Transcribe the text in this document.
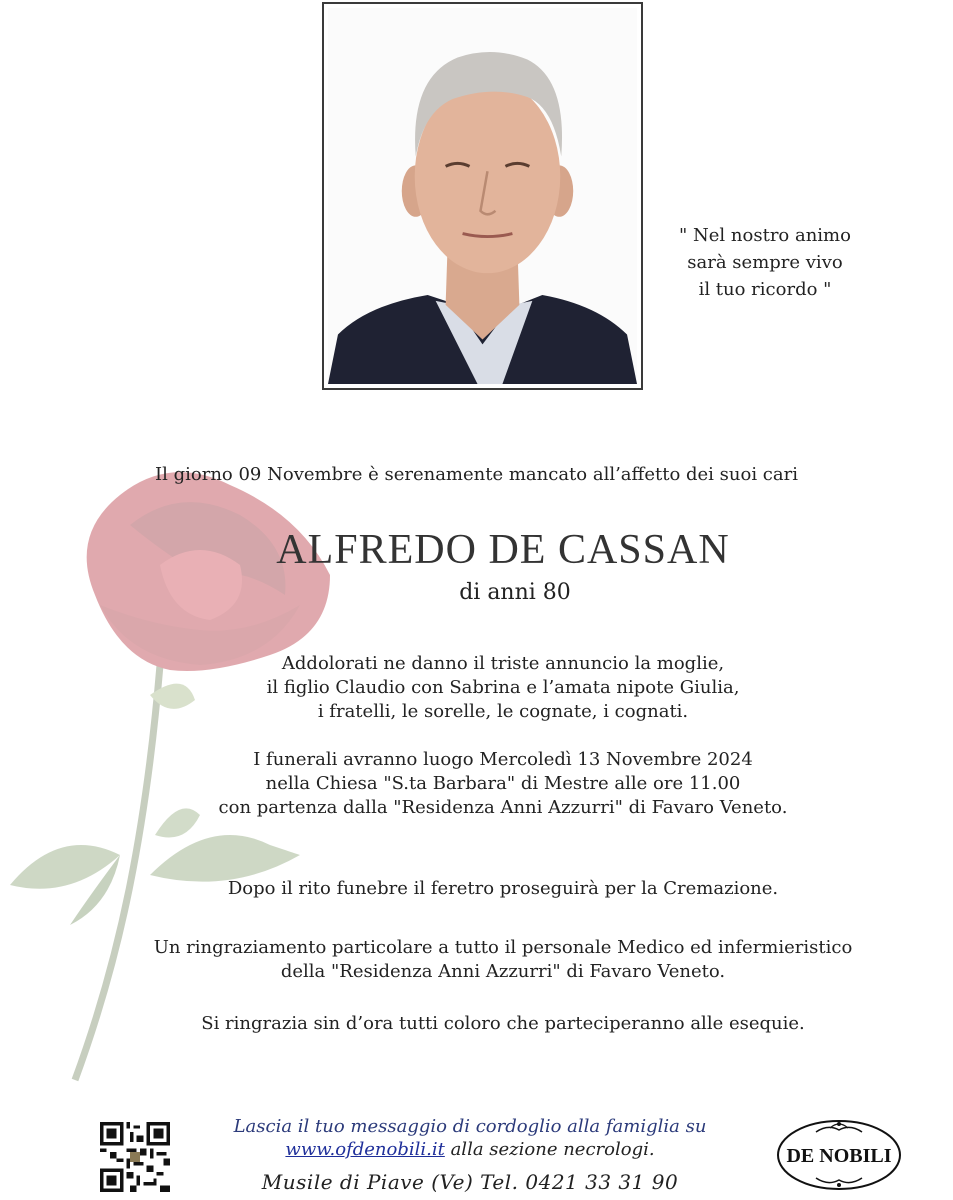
" Nel nostro animo
sarà sempre vivo
il tuo ricordo "
Il giorno 09 Novembre è serenamente mancato all’affetto dei suoi cari
ALFREDO DE CASSAN
di anni 80
Addolorati ne danno il triste annuncio la moglie,
il figlio Claudio con Sabrina e l’amata nipote Giulia,
i fratelli, le sorelle, le cognate, i cognati.
I funerali avranno luogo Mercoledì 13 Novembre 2024
nella Chiesa "S.ta Barbara" di Mestre alle ore 11.00
con partenza dalla "Residenza Anni Azzurri" di Favaro Veneto.
Dopo il rito funebre il feretro proseguirà per la Cremazione.
Un ringraziamento particolare a tutto il personale Medico ed infermieristico
della "Residenza Anni Azzurri" di Favaro Veneto.
Si ringrazia sin d’ora tutti coloro che parteciperanno alle esequie.
Lascia il tuo messaggio di cordoglio alla famiglia su
www.ofdenobili.it alla sezione necrologi.
Musile di Piave (Ve) Tel. 0421 33 31 90
DE NOBILI
